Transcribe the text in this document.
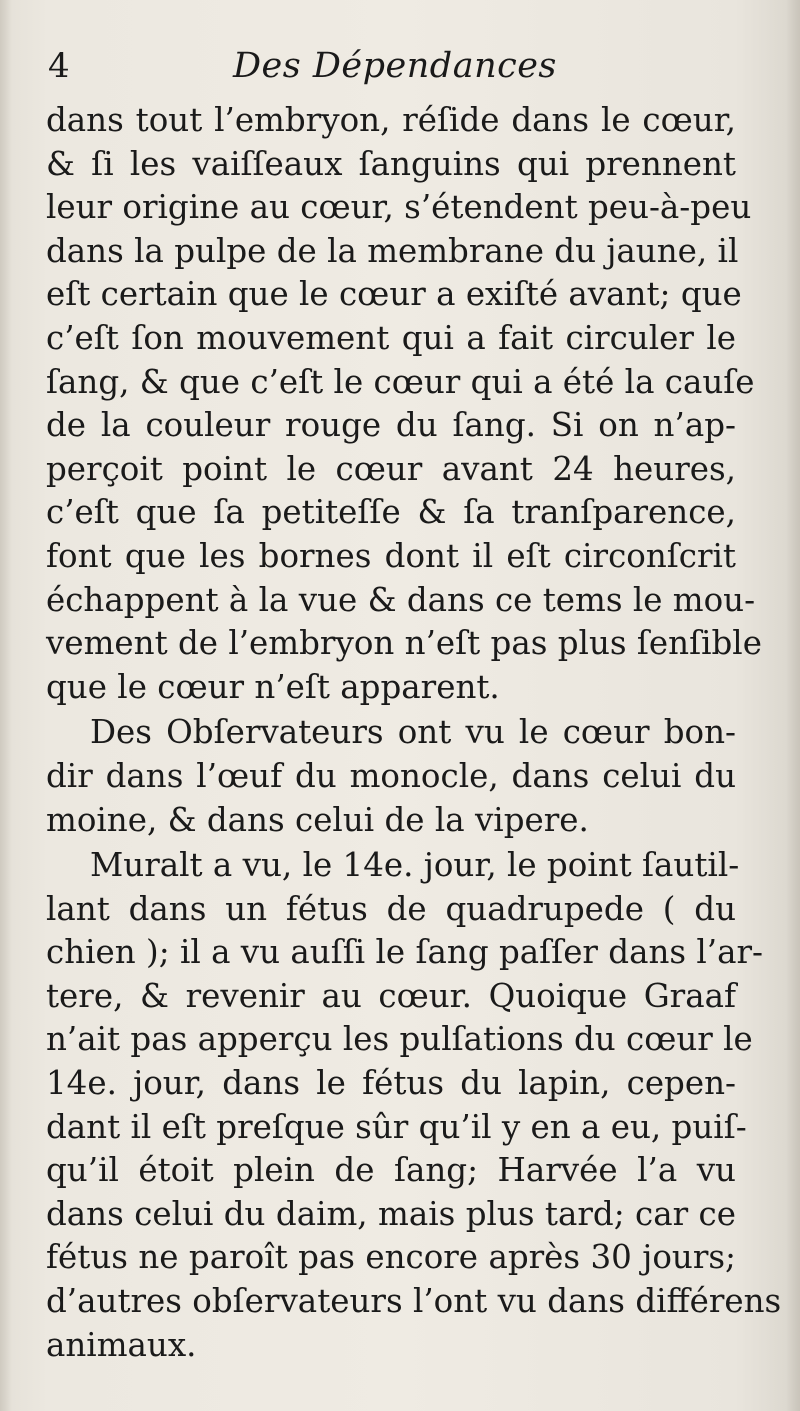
4	Des Dépendances
dans tout l’embryon, réſide dans le cœur,
& ſi les vaiſſeaux ſanguins qui prennent
leur origine au cœur, s’étendent peu-à-peu
dans la pulpe de la membrane du jaune, il
eſt certain que le cœur a exiſté avant; que
c’eſt ſon mouvement qui a fait circuler le
ſang, & que c’eſt le cœur qui a été la cauſe
de la couleur rouge du ſang. Si on n’ap-
perçoit point le cœur avant 24 heures,
c’eſt que ſa petiteſſe & ſa tranſparence,
font que les bornes dont il eſt circonſcrit
échappent à la vue & dans ce tems le mou-
vement de l’embryon n’eſt pas plus ſenſible
que le cœur n’eſt apparent.
Des Obſervateurs ont vu le cœur bon-
dir dans l’œuf du monocle, dans celui du
moine, & dans celui de la vipere.
Muralt a vu, le 14e. jour, le point ſautil-
lant dans un fétus de quadrupede ( du
chien ); il a vu auſſi le ſang paſſer dans l’ar-
tere, & revenir au cœur. Quoique Graaf
n’ait pas apperçu les pulſations du cœur le
14e. jour, dans le fétus du lapin, cepen-
dant il eſt preſque sûr qu’il y en a eu, puiſ-
qu’il étoit plein de ſang; Harvée l’a vu
dans celui du daim, mais plus tard; car ce
fétus ne paroît pas encore après 30 jours;
d’autres obſervateurs l’ont vu dans différens
animaux.
